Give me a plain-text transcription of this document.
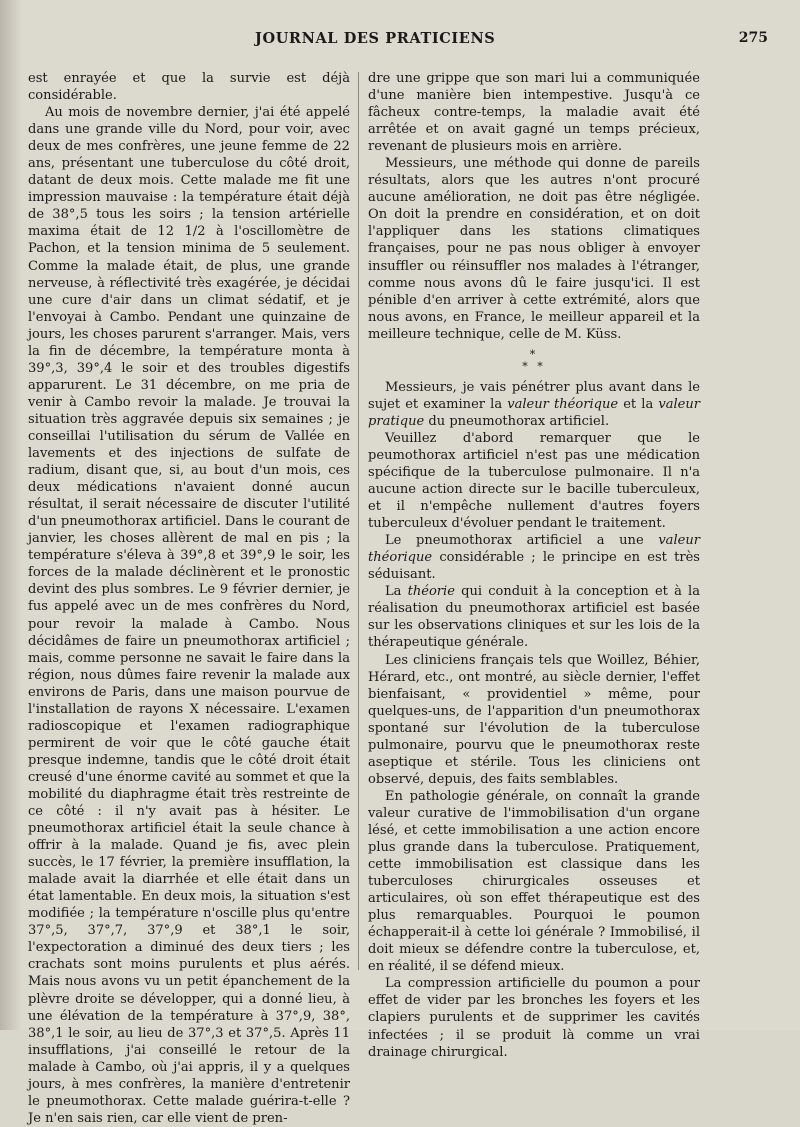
JOURNAL DES PRATICIENS	275

est enrayée et que la survie est déjà considérable.

Au mois de novembre dernier, j'ai été appelé dans une grande ville du Nord, pour voir, avec deux de mes confrères, une jeune femme de 22 ans, présentant une tuberculose du côté droit, datant de deux mois. Cette malade me fit une impression mauvaise : la température était déjà de 38°,5 tous les soirs ; la tension artérielle maxima était de 12 1/2 à l'oscillomètre de Pachon, et la tension minima de 5 seulement. Comme la malade était, de plus, une grande nerveuse, à réflectivité très exagérée, je décidai une cure d'air dans un climat sédatif, et je l'envoyai à Cambo. Pendant une quinzaine de jours, les choses parurent s'arranger. Mais, vers la fin de décembre, la température monta à 39°,3, 39°,4 le soir et des troubles digestifs apparurent. Le 31 décembre, on me pria de venir à Cambo revoir la malade. Je trouvai la situation très aggravée depuis six semaines ; je conseillai l'utilisation du sérum de Vallée en lavements et des injections de sulfate de radium, disant que, si, au bout d'un mois, ces deux médications n'avaient donné aucun résultat, il serait nécessaire de discuter l'utilité d'un pneumothorax artificiel. Dans le courant de janvier, les choses allèrent de mal en pis ; la température s'éleva à 39°,8 et 39°,9 le soir, les forces de la malade déclinèrent et le pronostic devint des plus sombres. Le 9 février dernier, je fus appelé avec un de mes confrères du Nord, pour revoir la malade à Cambo. Nous décidâmes de faire un pneumothorax artificiel ; mais, comme personne ne savait le faire dans la région, nous dûmes faire revenir la malade aux environs de Paris, dans une maison pourvue de l'installation de rayons X nécessaire. L'examen radioscopique et l'examen radiographique permirent de voir que le côté gauche était presque indemne, tandis que le côté droit était creusé d'une énorme cavité au sommet et que la mobilité du diaphragme était très restreinte de ce côté : il n'y avait pas à hésiter. Le pneumothorax artificiel était la seule chance à offrir à la malade. Quand je fis, avec plein succès, le 17 février, la première insufflation, la malade avait la diarrhée et elle était dans un état lamentable. En deux mois, la situation s'est modifiée ; la température n'oscille plus qu'entre 37°,5, 37°,7, 37°,9 et 38°,1 le soir, l'expectoration a diminué des deux tiers ; les crachats sont moins purulents et plus aérés. Mais nous avons vu un petit épanchement de la plèvre droite se développer, qui a donné lieu, à une élévation de la température à 37°,9, 38°, 38°,1 le soir, au lieu de 37°,3 et 37°,5. Après 11 insufflations, j'ai conseillé le retour de la malade à Cambo, où j'ai appris, il y a quelques jours, à mes confrères, la manière d'entretenir le pneumothorax. Cette malade guérira-t-elle ? Je n'en sais rien, car elle vient de pren-

dre une grippe que son mari lui a communiquée d'une manière bien intempestive. Jusqu'à ce fâcheux contre-temps, la maladie avait été arrêtée et on avait gagné un temps précieux, revenant de plusieurs mois en arrière.

Messieurs, une méthode qui donne de pareils résultats, alors que les autres n'ont procuré aucune amélioration, ne doit pas être négligée. On doit la prendre en considération, et on doit l'appliquer dans les stations climatiques françaises, pour ne pas nous obliger à envoyer insuffler ou réinsuffler nos malades à l'étranger, comme nous avons dû le faire jusqu'ici. Il est pénible d'en arriver à cette extrémité, alors que nous avons, en France, le meilleur appareil et la meilleure technique, celle de M. Küss.

*
* *

Messieurs, je vais pénétrer plus avant dans le sujet et examiner la valeur théorique et la valeur pratique du pneumothorax artificiel.

Veuillez d'abord remarquer que le peumothorax artificiel n'est pas une médication spécifique de la tuberculose pulmonaire. Il n'a aucune action directe sur le bacille tuberculeux, et il n'empêche nullement d'autres foyers tuberculeux d'évoluer pendant le traitement.

Le pneumothorax artificiel a une valeur théorique considérable ; le principe en est très séduisant.

La théorie qui conduit à la conception et à la réalisation du pneumothorax artificiel est basée sur les observations cliniques et sur les lois de la thérapeutique générale.

Les cliniciens français tels que Woillez, Béhier, Hérard, etc., ont montré, au siècle dernier, l'effet bienfaisant, « providentiel » même, pour quelques-uns, de l'apparition d'un pneumothorax spontané sur l'évolution de la tuberculose pulmonaire, pourvu que le pneumothorax reste aseptique et stérile. Tous les cliniciens ont observé, depuis, des faits semblables.

En pathologie générale, on connaît la grande valeur curative de l'immobilisation d'un organe lésé, et cette immobilisation a une action encore plus grande dans la tuberculose. Pratiquement, cette immobilisation est classique dans les tuberculoses chirurgicales osseuses et articulaires, où son effet thérapeutique est des plus remarquables. Pourquoi le poumon échapperait-il à cette loi générale ? Immobilisé, il doit mieux se défendre contre la tuberculose, et, en réalité, il se défend mieux.

La compression artificielle du poumon a pour effet de vider par les bronches les foyers et les clapiers purulents et de supprimer les cavités infectées ; il se produit là comme un vrai drainage chirurgical.
